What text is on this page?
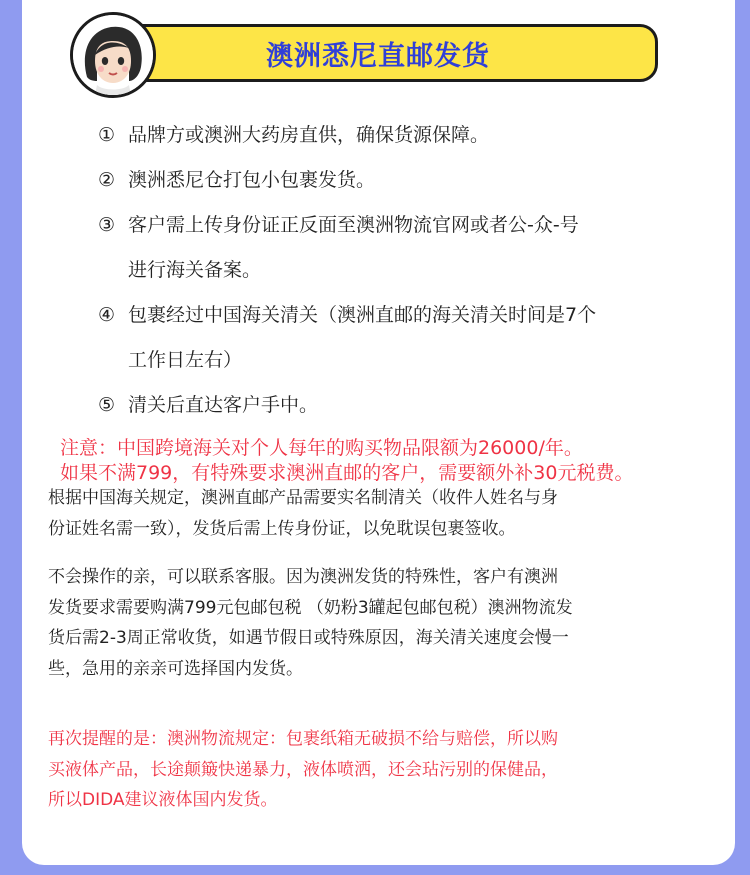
澳洲悉尼直邮发货
① 品牌方或澳洲大药房直供，确保货源保障。
② 澳洲悉尼仓打包小包裹发货。
③ 客户需上传身份证正反面至澳洲物流官网或者公-众-号
进行海关备案。
④ 包裹经过中国海关清关（澳洲直邮的海关清关时间是7个
工作日左右）
⑤ 清关后直达客户手中。
注意：中国跨境海关对个人每年的购买物品限额为26000/年。
如果不满799，有特殊要求澳洲直邮的客户，需要额外补30元税费。
根据中国海关规定，澳洲直邮产品需要实名制清关（收件人姓名与身
份证姓名需一致），发货后需上传身份证，以免耽误包裹签收。
不会操作的亲，可以联系客服。因为澳洲发货的特殊性，客户有澳洲
发货要求需要购满799元包邮包税 （奶粉3罐起包邮包税）澳洲物流发
货后需2-3周正常收货，如遇节假日或特殊原因，海关清关速度会慢一
些，急用的亲亲可选择国内发货。
再次提醒的是：澳洲物流规定：包裹纸箱无破损不给与赔偿，所以购
买液体产品，长途颠簸快递暴力，液体喷洒，还会玷污别的保健品，
所以DIDA建议液体国内发货。
